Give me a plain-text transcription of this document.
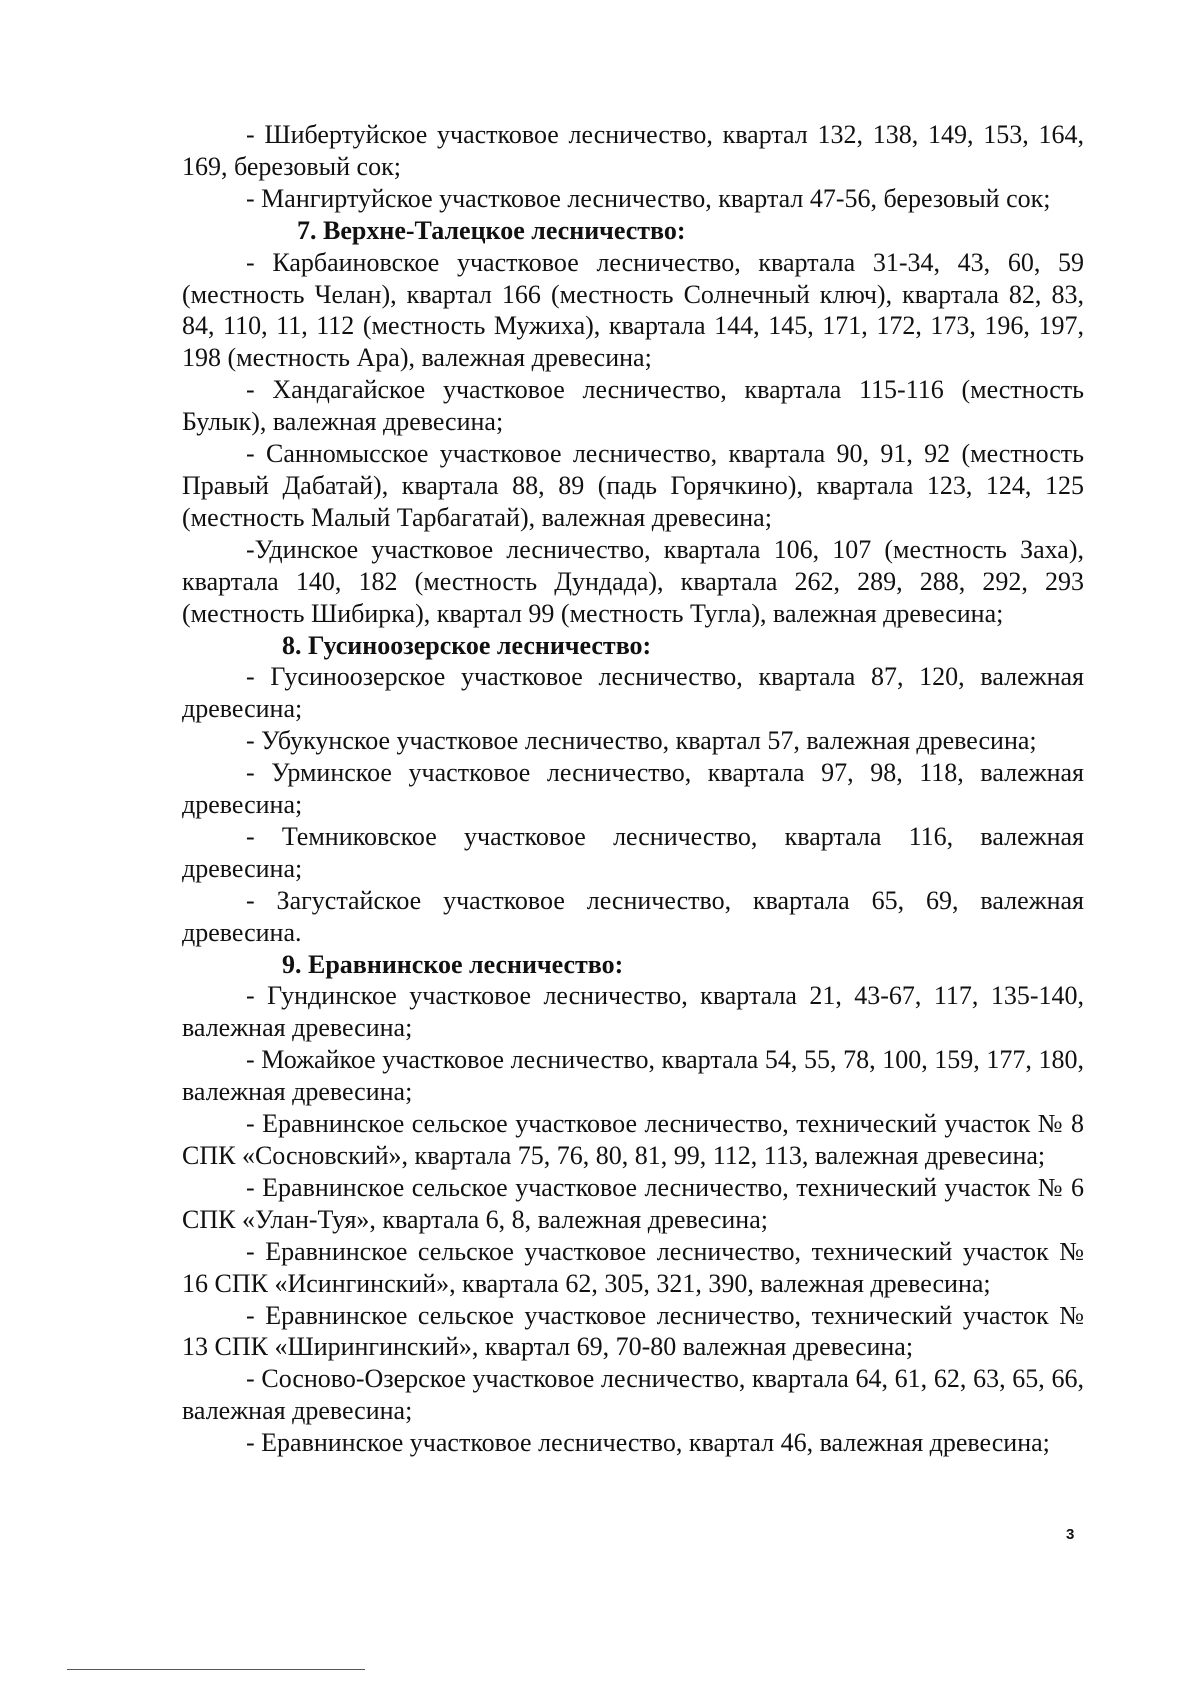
- Шибертуйское участковое лесничество, квартал 132, 138, 149, 153, 164, 169, березовый сок;

- Мангиртуйское участковое лесничество, квартал 47-56, березовый сок;

7. Верхне-Талецкое лесничество:

- Карбаиновское участковое лесничество, квартала 31-34, 43, 60, 59 (местность Челан), квартал 166 (местность Солнечный ключ), квартала 82, 83, 84, 110, 11, 112 (местность Мужиха), квартала 144, 145, 171, 172, 173, 196, 197, 198 (местность Ара), валежная древесина;

- Хандагайское участковое лесничество, квартала 115-116 (местность Булык), валежная древесина;

- Санномысское участковое лесничество, квартала 90, 91, 92 (местность Правый Дабатай), квартала 88, 89 (падь Горячкино), квартала 123, 124, 125 (местность Малый Тарбагатай), валежная древесина;

-Удинское участковое лесничество, квартала 106, 107 (местность Заха), квартала 140, 182 (местность Дундада), квартала 262, 289, 288, 292, 293 (местность Шибирка), квартал 99 (местность Тугла), валежная древесина;

8. Гусиноозерское лесничество:

- Гусиноозерское участковое лесничество, квартала 87, 120, валежная древесина;

- Убукунское участковое лесничество, квартал 57, валежная древесина;

- Урминское участковое лесничество, квартала 97, 98, 118, валежная древесина;

- Темниковское участковое лесничество, квартала 116, валежная древесина;

- Загустайское участковое лесничество, квартала 65, 69, валежная древесина.

9. Еравнинское лесничество:

- Гундинское участковое лесничество, квартала 21, 43-67, 117, 135-140, валежная древесина;

- Можайкое участковое лесничество, квартала 54, 55, 78, 100, 159, 177, 180, валежная древесина;

- Еравнинское сельское участковое лесничество, технический участок № 8 СПК «Сосновский», квартала 75, 76, 80, 81, 99, 112, 113, валежная древесина;

- Еравнинское сельское участковое лесничество, технический участок № 6 СПК «Улан-Туя», квартала 6, 8, валежная древесина;

- Еравнинское сельское участковое лесничество, технический участок № 16 СПК «Исингинский», квартала 62, 305, 321, 390, валежная древесина;

- Еравнинское сельское участковое лесничество, технический участок № 13 СПК «Ширингинский», квартал 69, 70-80 валежная древесина;

- Сосново-Озерское участковое лесничество, квартала 64, 61, 62, 63, 65, 66, валежная древесина;

- Еравнинское участковое лесничество, квартал 46, валежная древесина;

3
